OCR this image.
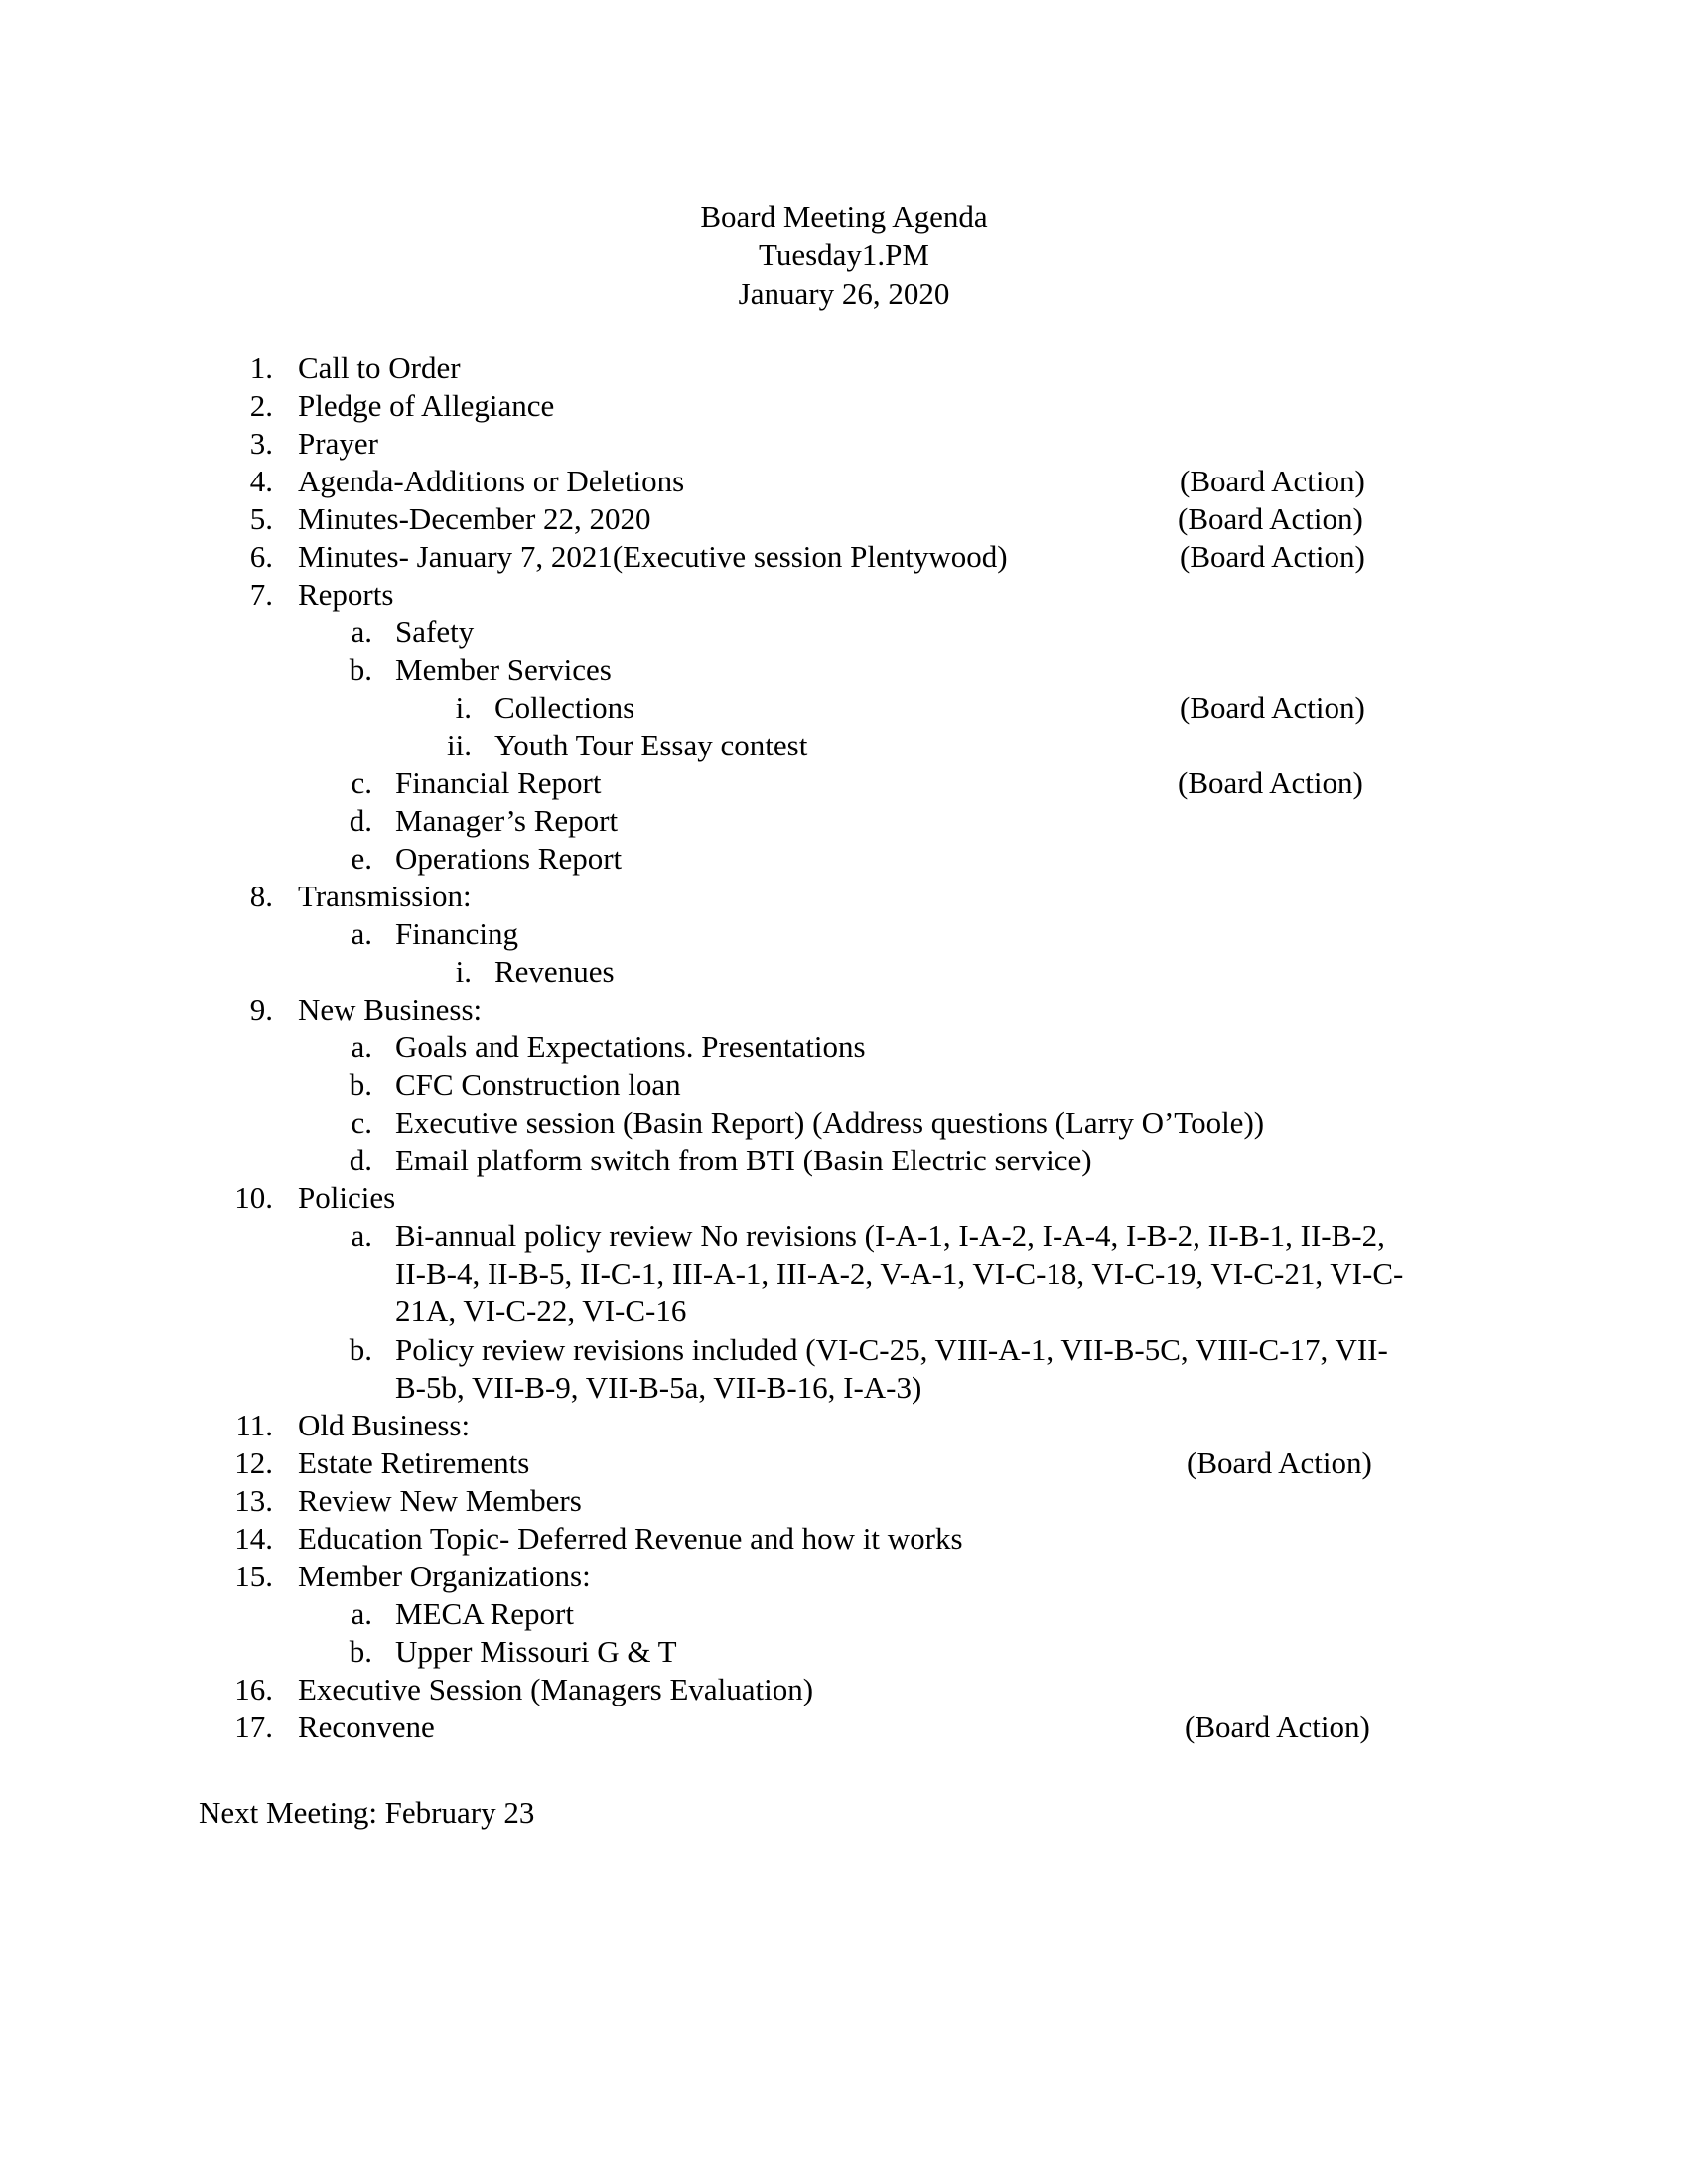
Board Meeting Agenda
Tuesday1.PM
January 26, 2020
1. Call to Order
2. Pledge of Allegiance
3. Prayer
4. Agenda-Additions or Deletions	(Board Action)
5. Minutes-December 22, 2020	(Board Action)
6. Minutes- January 7, 2021(Executive session Plentywood)	(Board Action)
7. Reports
a. Safety
b. Member Services
i. Collections	(Board Action)
ii. Youth Tour Essay contest
c. Financial Report	(Board Action)
d. Manager’s Report
e. Operations Report
8. Transmission:
a. Financing
i. Revenues
9. New Business:
a. Goals and Expectations. Presentations
b. CFC Construction loan
c. Executive session (Basin Report) (Address questions (Larry O’Toole))
d. Email platform switch from BTI (Basin Electric service)
10. Policies
a. Bi-annual policy review No revisions (I-A-1, I-A-2, I-A-4, I-B-2, II-B-1, II-B-2,
II-B-4, II-B-5, II-C-1, III-A-1, III-A-2, V-A-1, VI-C-18, VI-C-19, VI-C-21, VI-C-
21A, VI-C-22, VI-C-16
b. Policy review revisions included (VI-C-25, VIII-A-1, VII-B-5C, VIII-C-17, VII-
B-5b, VII-B-9, VII-B-5a, VII-B-16, I-A-3)
11. Old Business:
12. Estate Retirements	(Board Action)
13. Review New Members
14. Education Topic- Deferred Revenue and how it works
15. Member Organizations:
a. MECA Report
b. Upper Missouri G & T
16. Executive Session (Managers Evaluation)
17. Reconvene	(Board Action)
Next Meeting: February 23
